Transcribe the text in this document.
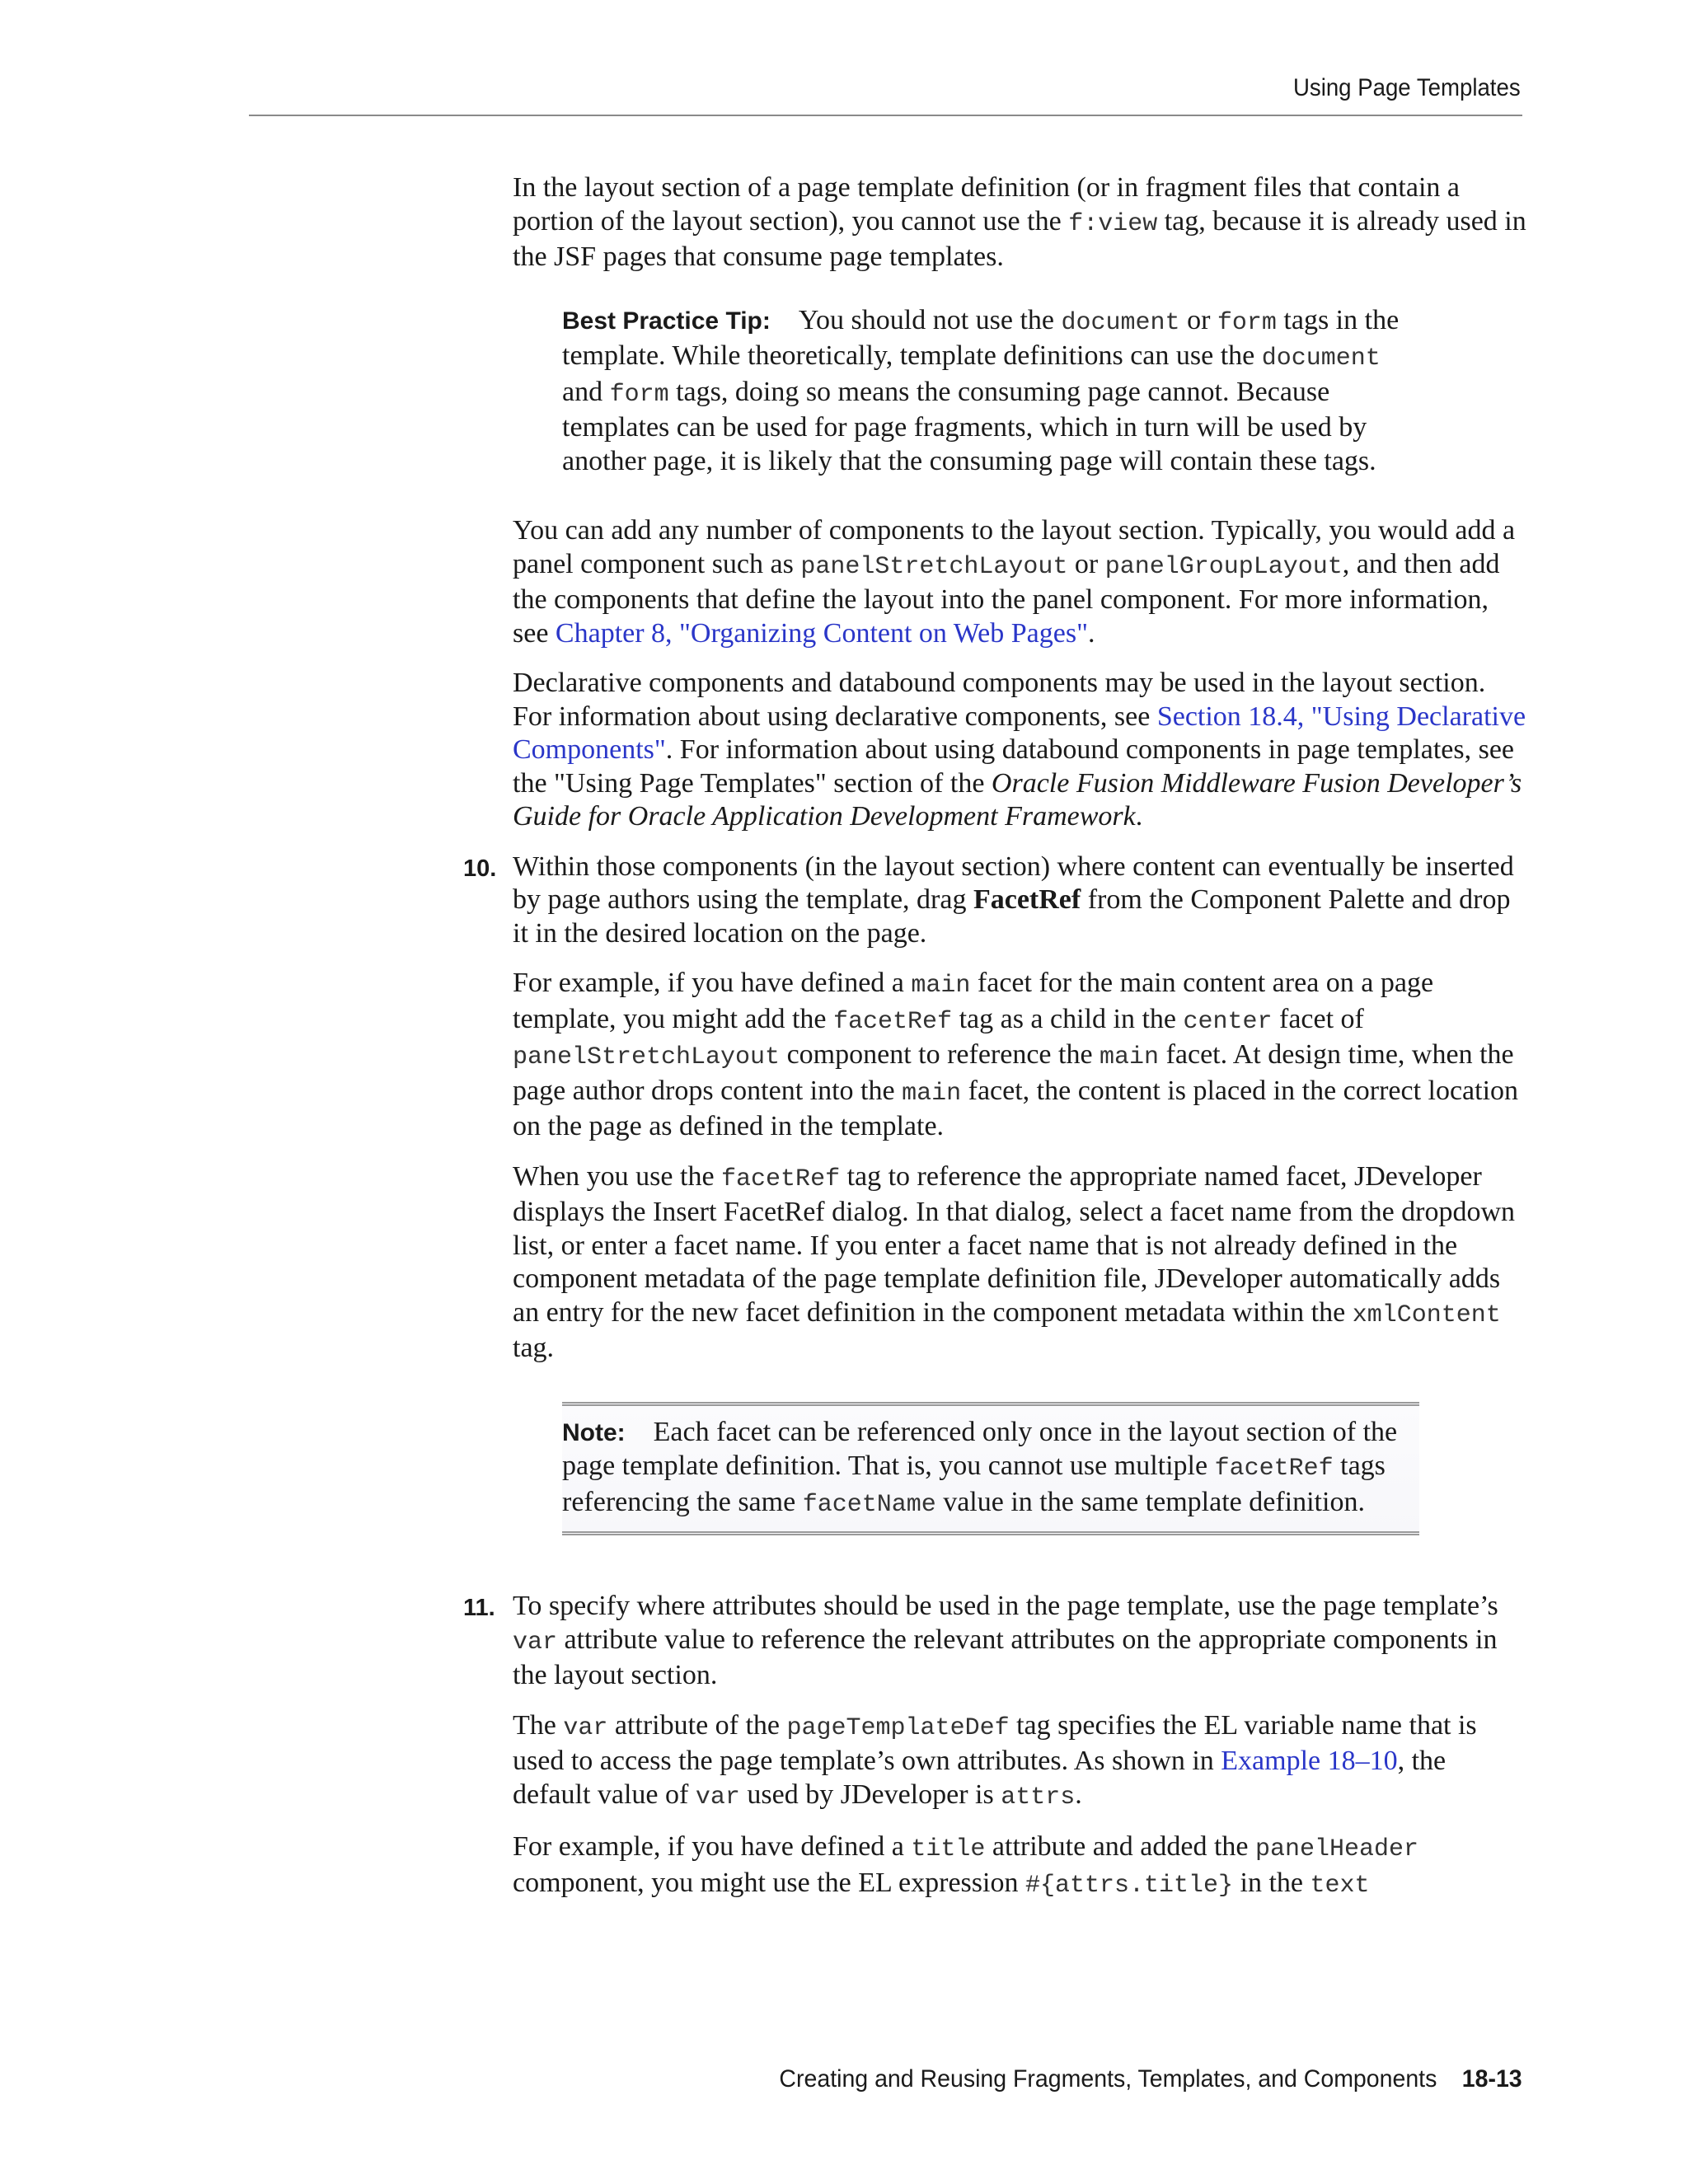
Using Page Templates

In the layout section of a page template definition (or in fragment files that contain a portion of the layout section), you cannot use the f:view tag, because it is already used in the JSF pages that consume page templates.

Best Practice Tip: You should not use the document or form tags in the template. While theoretically, template definitions can use the document and form tags, doing so means the consuming page cannot. Because templates can be used for page fragments, which in turn will be used by another page, it is likely that the consuming page will contain these tags.

You can add any number of components to the layout section. Typically, you would add a panel component such as panelStretchLayout or panelGroupLayout, and then add the components that define the layout into the panel component. For more information, see Chapter 8, "Organizing Content on Web Pages".

Declarative components and databound components may be used in the layout section. For information about using declarative components, see Section 18.4, "Using Declarative Components". For information about using databound components in page templates, see the "Using Page Templates" section of the Oracle Fusion Middleware Fusion Developer’s Guide for Oracle Application Development Framework.

10. Within those components (in the layout section) where content can eventually be inserted by page authors using the template, drag FacetRef from the Component Palette and drop it in the desired location on the page.

For example, if you have defined a main facet for the main content area on a page template, you might add the facetRef tag as a child in the center facet of panelStretchLayout component to reference the main facet. At design time, when the page author drops content into the main facet, the content is placed in the correct location on the page as defined in the template.

When you use the facetRef tag to reference the appropriate named facet, JDeveloper displays the Insert FacetRef dialog. In that dialog, select a facet name from the dropdown list, or enter a facet name. If you enter a facet name that is not already defined in the component metadata of the page template definition file, JDeveloper automatically adds an entry for the new facet definition in the component metadata within the xmlContent tag.

Note: Each facet can be referenced only once in the layout section of the page template definition. That is, you cannot use multiple facetRef tags referencing the same facetName value in the same template definition.

11. To specify where attributes should be used in the page template, use the page template’s var attribute value to reference the relevant attributes on the appropriate components in the layout section.

The var attribute of the pageTemplateDef tag specifies the EL variable name that is used to access the page template’s own attributes. As shown in Example 18–10, the default value of var used by JDeveloper is attrs.

For example, if you have defined a title attribute and added the panelHeader component, you might use the EL expression #{attrs.title} in the text

Creating and Reusing Fragments, Templates, and Components 18-13
